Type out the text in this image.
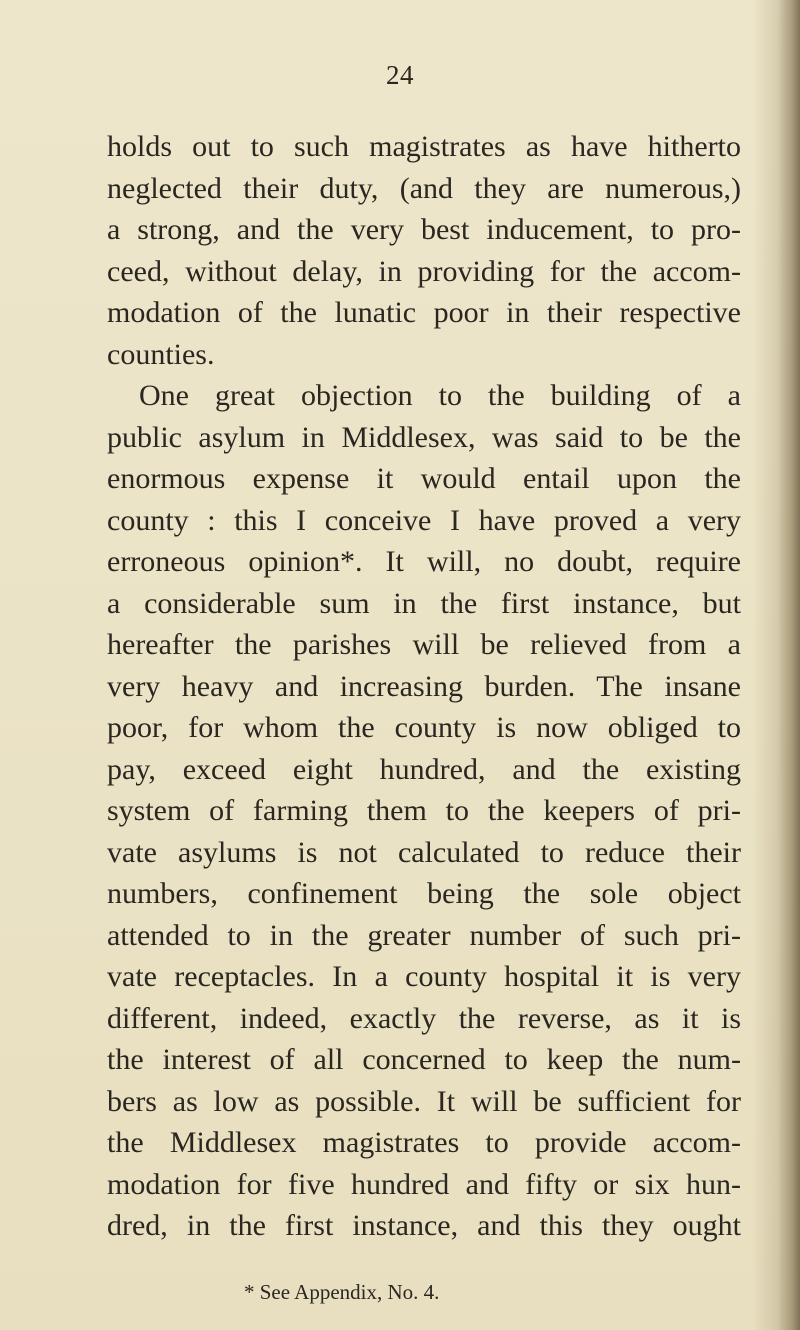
24
holds out to such magistrates as have hitherto
neglected their duty, (and they are numerous,)
a strong, and the very best inducement, to pro-
ceed, without delay, in providing for the accom-
modation of the lunatic poor in their respective
counties.
One great objection to the building of a
public asylum in Middlesex, was said to be the
enormous expense it would entail upon the
county : this I conceive I have proved a very
erroneous opinion*. It will, no doubt, require
a considerable sum in the first instance, but
hereafter the parishes will be relieved from a
very heavy and increasing burden. The insane
poor, for whom the county is now obliged to
pay, exceed eight hundred, and the existing
system of farming them to the keepers of pri-
vate asylums is not calculated to reduce their
numbers, confinement being the sole object
attended to in the greater number of such pri-
vate receptacles. In a county hospital it is very
different, indeed, exactly the reverse, as it is
the interest of all concerned to keep the num-
bers as low as possible. It will be sufficient for
the Middlesex magistrates to provide accom-
modation for five hundred and fifty or six hun-
dred, in the first instance, and this they ought
* See Appendix, No. 4.
